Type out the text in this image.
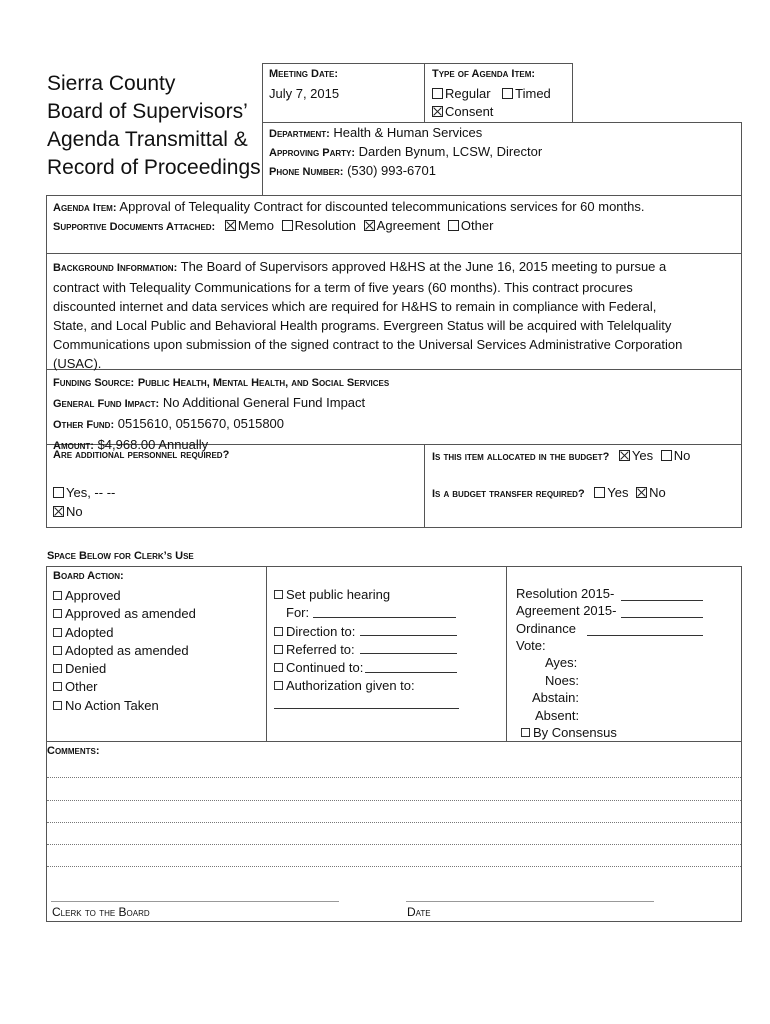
Sierra County
Board of Supervisors’
Agenda Transmittal &
Record of Proceedings
Meeting Date:
July 7, 2015
Type of Agenda Item:
Regular Timed
Consent
Department: Health & Human Services
Approving Party: Darden Bynum, LCSW, Director
Phone Number: (530) 993-6701
Agenda Item: Approval of Telequality Contract for discounted telecommunications services for 60 months.
Supportive Documents Attached: Memo Resolution Agreement Other
Background Information: The Board of Supervisors approved H&HS at the June 16, 2015 meeting to pursue a
contract with Telequality Communications for a term of five years (60 months). This contract procures
discounted internet and data services which are required for H&HS to remain in compliance with Federal,
State, and Local Public and Behavioral Health programs. Evergreen Status will be acquired with Telelquality
Communications upon submission of the signed contract to the Universal Services Administrative Corporation
(USAC).
Funding Source: Public Health, Mental Health, and Social Services
General Fund Impact: No Additional General Fund Impact
Other Fund: 0515610, 0515670, 0515800
Amount: $4,968.00 Annually
Are additional personnel required?
Yes, -- --
No
Is this item allocated in the budget? Yes No
Is a budget transfer required? Yes No
Space Below for Clerk’s Use
Board Action:
Approved
Approved as amended
Adopted
Adopted as amended
Denied
Other
No Action Taken
Set public hearing
For:
Direction to:
Referred to:
Continued to:
Authorization given to:
Resolution 2015-
Agreement 2015-
Ordinance
Vote:
Ayes:
Noes:
Abstain:
Absent:
By Consensus
Comments:
Clerk to the Board	Date
